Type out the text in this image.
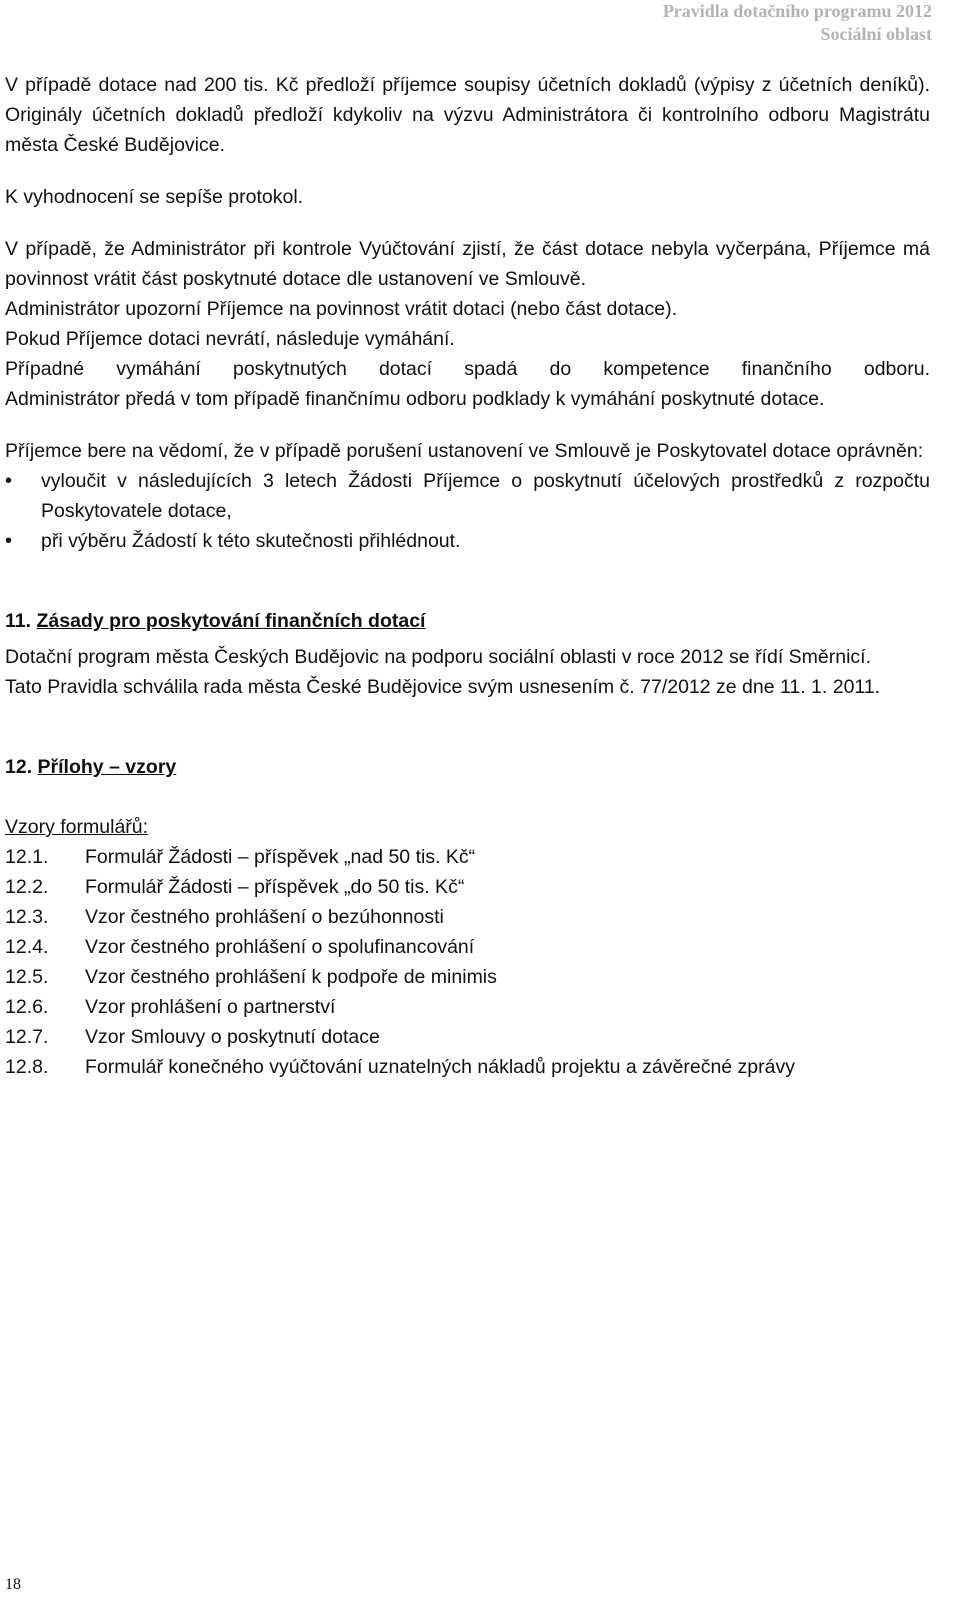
Pravidla dotačního programu 2012
Sociální oblast

V případě dotace nad 200 tis. Kč předloží příjemce soupisy účetních dokladů (výpisy z účetních deníků). Originály účetních dokladů předloží kdykoliv na výzvu Administrátora či kontrolního odboru Magistrátu města České Budějovice.

K vyhodnocení se sepíše protokol.

V případě, že Administrátor při kontrole Vyúčtování zjistí, že část dotace nebyla vyčerpána, Příjemce má povinnost vrátit část poskytnuté dotace dle ustanovení ve Smlouvě.

Administrátor upozorní Příjemce na povinnost vrátit dotaci (nebo část dotace).

Pokud Příjemce dotaci nevrátí, následuje vymáhání.

Případné vymáhání poskytnutých dotací spadá do kompetence finančního odboru.

Administrátor předá v tom případě finančnímu odboru podklady k vymáhání poskytnuté dotace.

Příjemce bere na vědomí, že v případě porušení ustanovení ve Smlouvě je Poskytovatel dotace oprávněn:

•	vyloučit v následujících 3 letech Žádosti Příjemce o poskytnutí účelových prostředků z rozpočtu Poskytovatele dotace,
•	při výběru Žádostí k této skutečnosti přihlédnout.

11. Zásady pro poskytování finančních dotací

Dotační program města Českých Budějovic na podporu sociální oblasti v roce 2012 se řídí Směrnicí.

Tato Pravidla schválila rada města České Budějovice svým usnesením č. 77/2012 ze dne 11. 1. 2011.

12. Přílohy – vzory

Vzory formulářů:

12.1.	Formulář Žádosti – příspěvek „nad 50 tis. Kč“
12.2.	Formulář Žádosti – příspěvek „do 50 tis. Kč“
12.3.	Vzor čestného prohlášení o bezúhonnosti
12.4.	Vzor čestného prohlášení o spolufinancování
12.5.	Vzor čestného prohlášení k podpoře de minimis
12.6.	Vzor prohlášení o partnerství
12.7.	Vzor Smlouvy o poskytnutí dotace
12.8.	Formulář konečného vyúčtování uznatelných nákladů projektu a závěrečné zprávy
18
